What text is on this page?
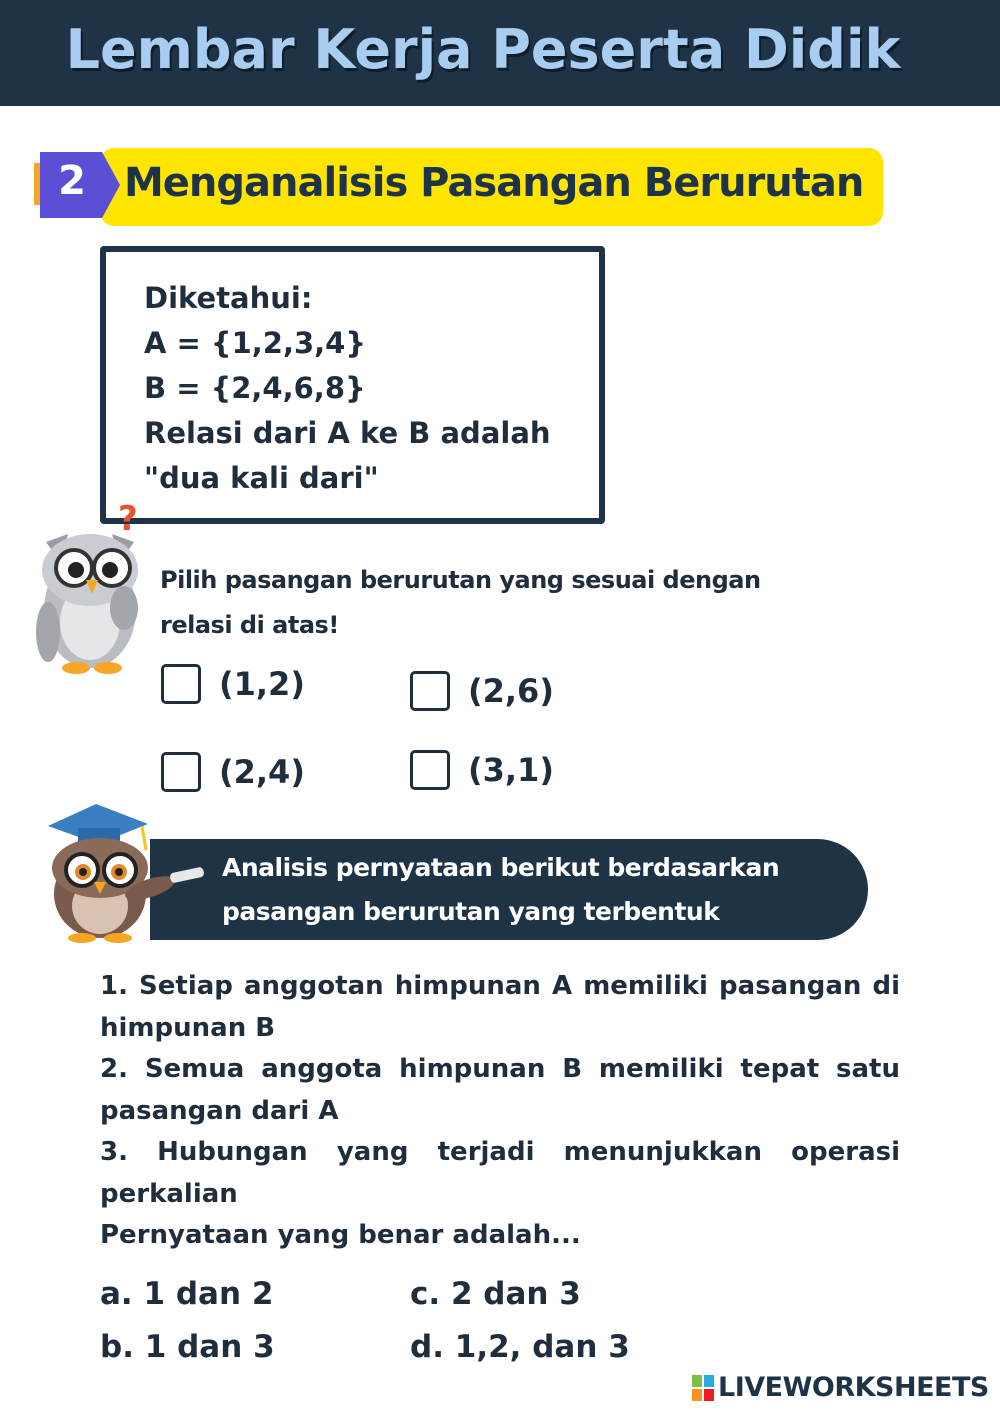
Lembar Kerja Peserta Didik
2 Menganalisis Pasangan Berurutan
Diketahui:
A = {1,2,3,4}
B = {2,4,6,8}
Relasi dari A ke B adalah
"dua kali dari"
?
Pilih pasangan berurutan yang sesuai dengan
relasi di atas!
(1,2)	(2,6)
(2,4)	(3,1)
Analisis pernyataan berikut berdasarkan
pasangan berurutan yang terbentuk

1. Setiap anggotan himpunan A memiliki pasangan di himpunan B

2. Semua anggota himpunan B memiliki tepat satu pasangan dari A

3. Hubungan yang terjadi menunjukkan operasi perkalian

Pernyataan yang benar adalah...

a. 1 dan 2	c. 2 dan 3
b. 1 dan 3	d. 1,2, dan 3
LIVEWORKSHEETS
